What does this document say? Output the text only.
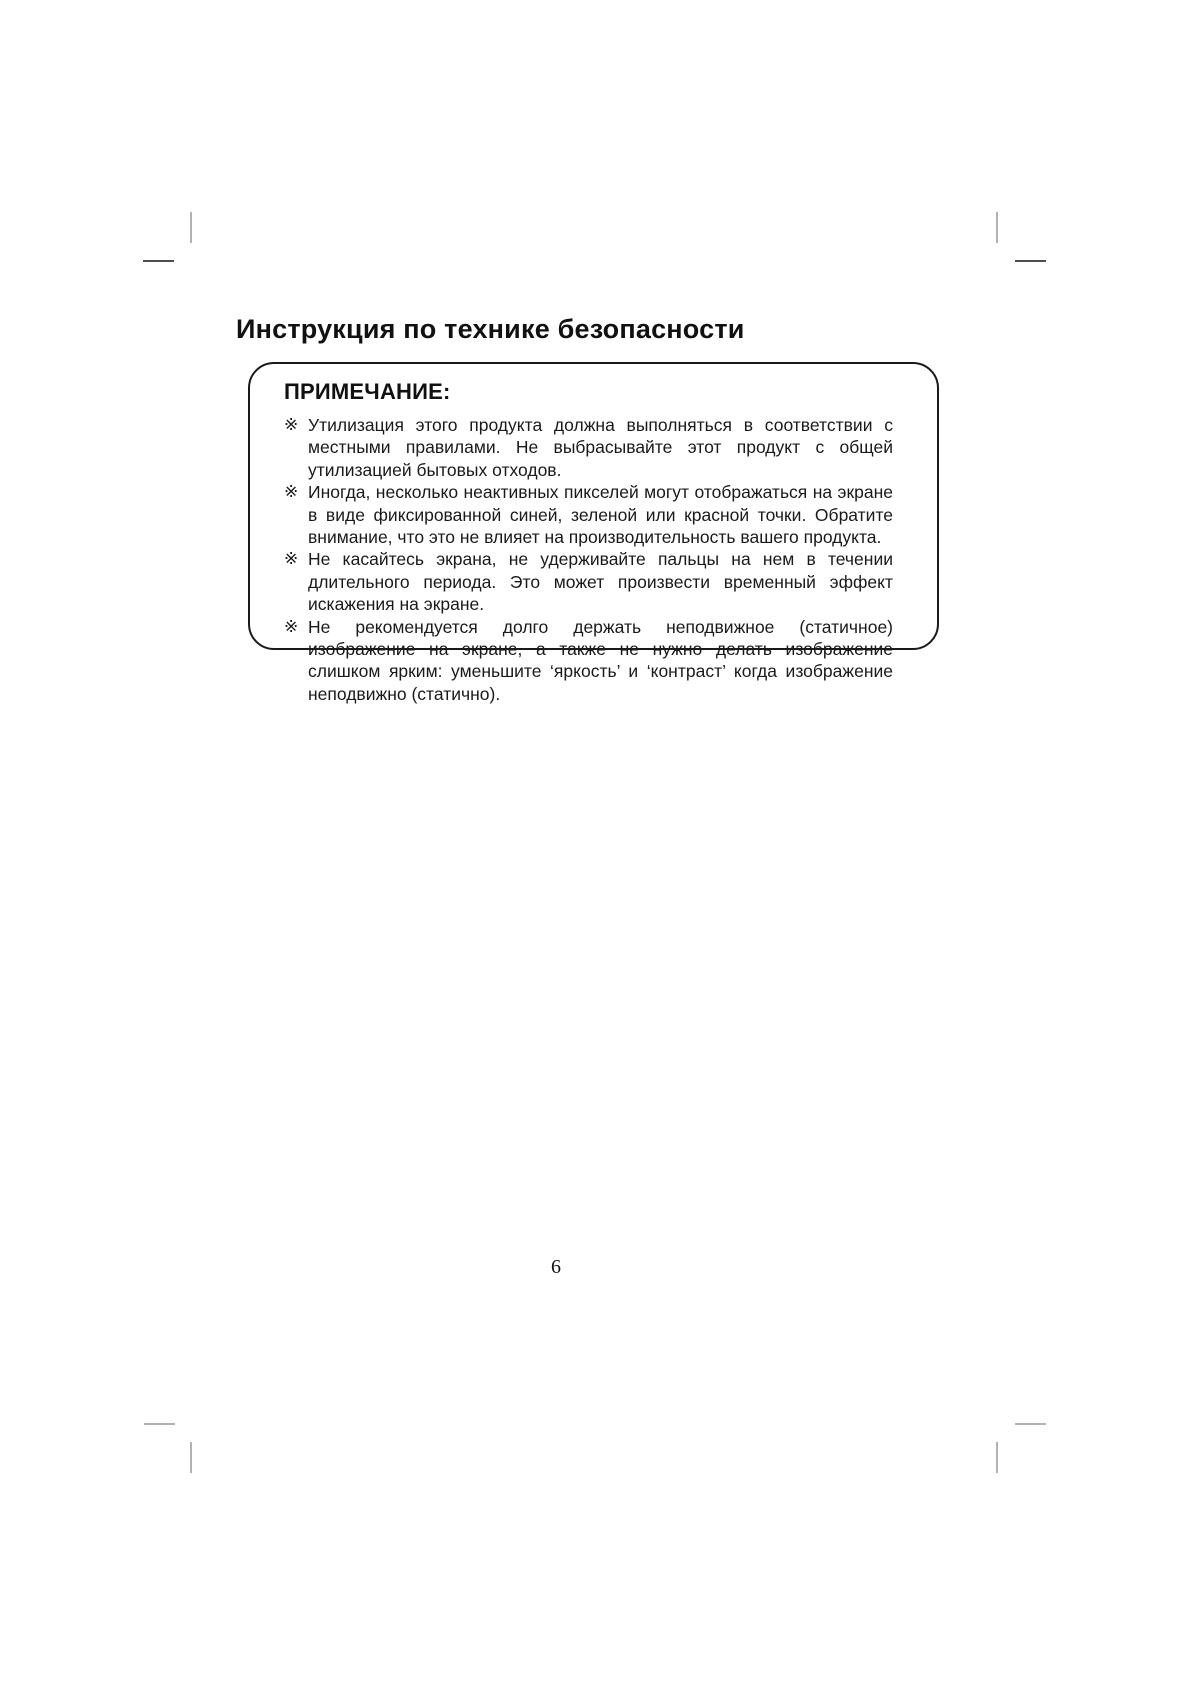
Инструкция по технике безопасности
ПРИМЕЧАНИЕ:
※ Утилизация этого продукта должна выполняться в соответствии с местными правилами. Не выбрасывайте этот продукт с общей утилизацией бытовых отходов.
※ Иногда, несколько неактивных пикселей могут отображаться на экране в виде фиксированной синей, зеленой или красной точки. Обратите внимание, что это не влияет на производительность вашего продукта.
※ Не касайтесь экрана, не удерживайте пальцы на нем в течении длительного периода. Это может произвести временный эффект искажения на экране.
※ Не рекомендуется долго держать неподвижное (статичное) изображение на экране, а также не нужно делать изображение слишком ярким: уменьшите ‘яркость’ и ‘контраст’ когда изображение неподвижно (статично).
6
